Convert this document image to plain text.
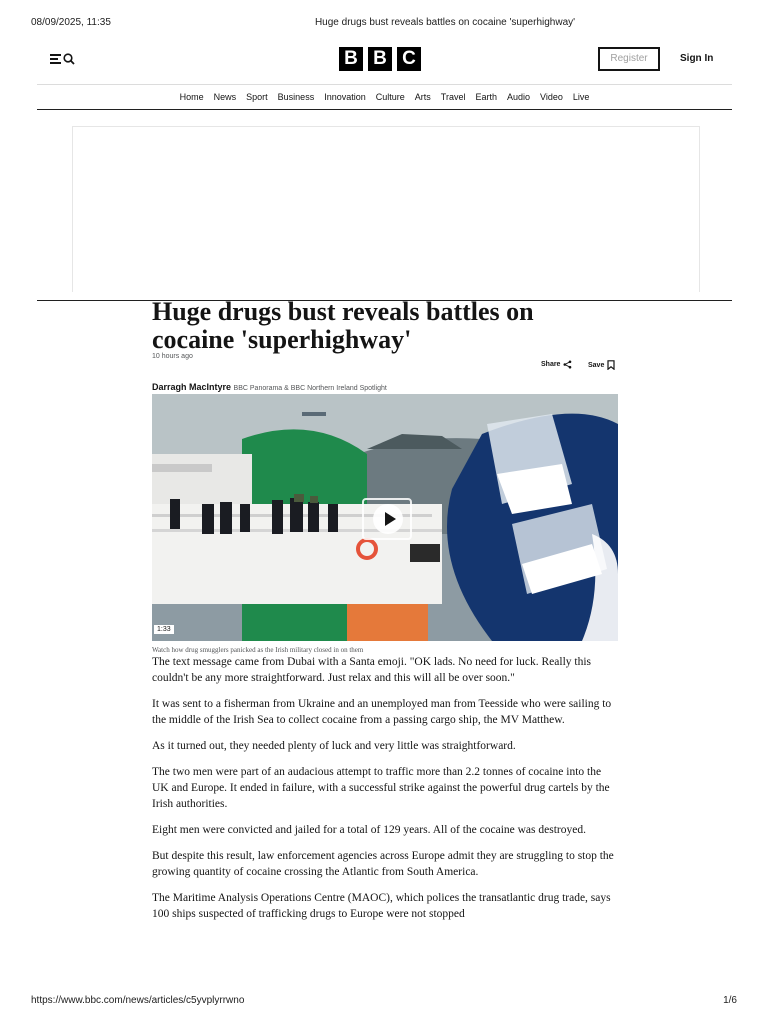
08/09/2025, 11:35	Huge drugs bust reveals battles on cocaine 'superhighway'
B B C	Register	Sign In
Home News Sport Business Innovation Culture Arts Travel Earth Audio Video Live
Huge drugs bust reveals battles on cocaine 'superhighway'
10 hours ago
Share	Save
Darragh MacIntyre BBC Panorama & BBC Northern Ireland Spotlight
1:33
Watch how drug smugglers panicked as the Irish military closed in on them

The text message came from Dubai with a Santa emoji. "OK lads. No need for luck. Really this couldn't be any more straightforward. Just relax and this will all be over soon."

It was sent to a fisherman from Ukraine and an unemployed man from Teesside who were sailing to the middle of the Irish Sea to collect cocaine from a passing cargo ship, the MV Matthew.

As it turned out, they needed plenty of luck and very little was straightforward.

The two men were part of an audacious attempt to traffic more than 2.2 tonnes of cocaine into the UK and Europe. It ended in failure, with a successful strike against the powerful drug cartels by the Irish authorities.

Eight men were convicted and jailed for a total of 129 years. All of the cocaine was destroyed.

But despite this result, law enforcement agencies across Europe admit they are struggling to stop the growing quantity of cocaine crossing the Atlantic from South America.

The Maritime Analysis Operations Centre (MAOC), which polices the transatlantic drug trade, says 100 ships suspected of trafficking drugs to Europe were not stopped

https://www.bbc.com/news/articles/c5yvplyrrwno	1/6
